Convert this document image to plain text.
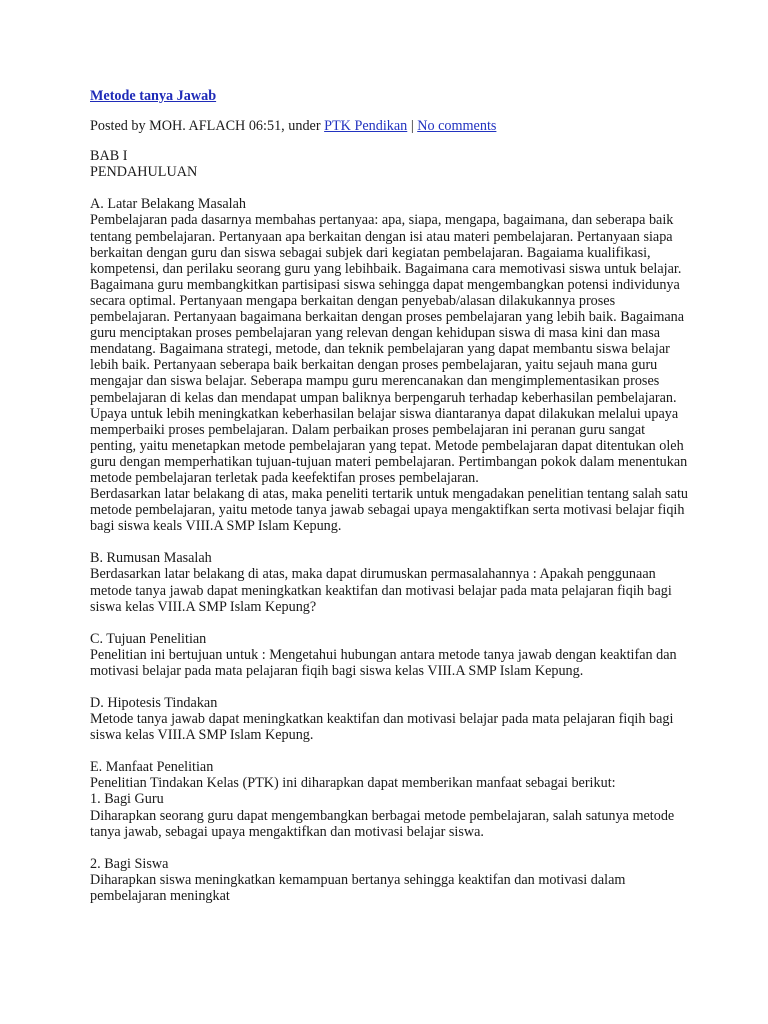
Metode tanya Jawab
Posted by MOH. AFLACH 06:51, under PTK Pendikan | No comments
BAB I
PENDAHULUAN
A. Latar Belakang Masalah
Pembelajaran pada dasarnya membahas pertanyaa: apa, siapa, mengapa, bagaimana, dan seberapa baik
tentang pembelajaran. Pertanyaan apa berkaitan dengan isi atau materi pembelajaran. Pertanyaan siapa
berkaitan dengan guru dan siswa sebagai subjek dari kegiatan pembelajaran. Bagaiama kualifikasi,
kompetensi, dan perilaku seorang guru yang lebihbaik. Bagaimana cara memotivasi siswa untuk belajar.
Bagaimana guru membangkitkan partisipasi siswa sehingga dapat mengembangkan potensi individunya
secara optimal. Pertanyaan mengapa berkaitan dengan penyebab/alasan dilakukannya proses
pembelajaran. Pertanyaan bagaimana berkaitan dengan proses pembelajaran yang lebih baik. Bagaimana
guru menciptakan proses pembelajaran yang relevan dengan kehidupan siswa di masa kini dan masa
mendatang. Bagaimana strategi, metode, dan teknik pembelajaran yang dapat membantu siswa belajar
lebih baik. Pertanyaan seberapa baik berkaitan dengan proses pembelajaran, yaitu sejauh mana guru
mengajar dan siswa belajar. Seberapa mampu guru merencanakan dan mengimplementasikan proses
pembelajaran di kelas dan mendapat umpan baliknya berpengaruh terhadap keberhasilan pembelajaran.
Upaya untuk lebih meningkatkan keberhasilan belajar siswa diantaranya dapat dilakukan melalui upaya
memperbaiki proses pembelajaran. Dalam perbaikan proses pembelajaran ini peranan guru sangat
penting, yaitu menetapkan metode pembelajaran yang tepat. Metode pembelajaran dapat ditentukan oleh
guru dengan memperhatikan tujuan-tujuan materi pembelajaran. Pertimbangan pokok dalam menentukan
metode pembelajaran terletak pada keefektifan proses pembelajaran.
Berdasarkan latar belakang di atas, maka peneliti tertarik untuk mengadakan penelitian tentang salah satu
metode pembelajaran, yaitu metode tanya jawab sebagai upaya mengaktifkan serta motivasi belajar fiqih
bagi siswa keals VIII.A SMP Islam Kepung.
B. Rumusan Masalah
Berdasarkan latar belakang di atas, maka dapat dirumuskan permasalahannya : Apakah penggunaan
metode tanya jawab dapat meningkatkan keaktifan dan motivasi belajar pada mata pelajaran fiqih bagi
siswa kelas VIII.A SMP Islam Kepung?
C. Tujuan Penelitian
Penelitian ini bertujuan untuk : Mengetahui hubungan antara metode tanya jawab dengan keaktifan dan
motivasi belajar pada mata pelajaran fiqih bagi siswa kelas VIII.A SMP Islam Kepung.
D. Hipotesis Tindakan
Metode tanya jawab dapat meningkatkan keaktifan dan motivasi belajar pada mata pelajaran fiqih bagi
siswa kelas VIII.A SMP Islam Kepung.
E. Manfaat Penelitian
Penelitian Tindakan Kelas (PTK) ini diharapkan dapat memberikan manfaat sebagai berikut:
1. Bagi Guru
Diharapkan seorang guru dapat mengembangkan berbagai metode pembelajaran, salah satunya metode
tanya jawab, sebagai upaya mengaktifkan dan motivasi belajar siswa.
2. Bagi Siswa
Diharapkan siswa meningkatkan kemampuan bertanya sehingga keaktifan dan motivasi dalam
pembelajaran meningkat
